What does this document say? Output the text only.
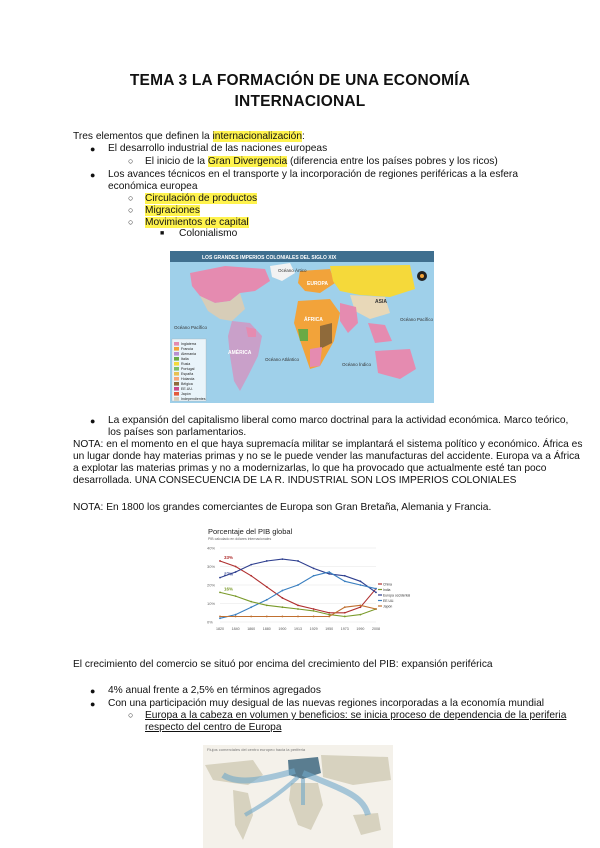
TEMA 3 LA FORMACIÓN DE UNA ECONOMÍA
INTERNACIONAL
Tres elementos que definen la internacionalización:
● El desarrollo industrial de las naciones europeas
○ El inicio de la Gran Divergencia (diferencia entre los países pobres y los ricos)
● Los avances técnicos en el transporte y la incorporación de regiones periféricas a la esfera
económica europea
○ Circulación de productos
○ Migraciones
○ Movimientos de capital
■ Colonialismo
LOS GRANDES IMPERIOS COLONIALES DEL SIGLO XIX
Inglaterra
Francia
Alemania
Italia
Rusia
Portugal
España
Holanda
Bélgica
EE.UU.
Japón
Independientes
Océano Ártico
EUROPA
ASIA
AMÉRICA
ÁFRICA
Océano Pacífico
Océano Pacífico
Océano Atlántico
Océano Índico
● La expansión del capitalismo liberal como marco doctrinal para la actividad económica. Marco teórico,
los países son parlamentarios.
NOTA: en el momento en el que haya supremacía militar se implantará el sistema político y económico. África es
un lugar donde hay materias primas y no se le puede vender las manufacturas del accidente. Europa va a África
a explotar las materias primas y no a modernizarlas, lo que ha provocado que actualmente esté tan poco
desarrollada. UNA CONSECUENCIA DE LA R. INDUSTRIAL SON LOS IMPERIOS COLONIALES
NOTA: En 1800 los grandes comerciantes de Europa son Gran Bretaña, Alemania y Francia.
Porcentaje del PIB global
PIB calculado en dólares internacionales
40%
30%
20%
10%
0%
33%
27%
16%
China
India
Europa occidental
EE.UU.
Japón
1820 1840 1860 1880 1900 1913 1929 1950 1973 1990 2008
El crecimiento del comercio se situó por encima del crecimiento del PIB: expansión periférica
● 4% anual frente a 2,5% en términos agregados
● Con una participación muy desigual de las nuevas regiones incorporadas a la economía mundial
○ Europa a la cabeza en volumen y beneficios: se inicia proceso de dependencia de la periferia
respecto del centro de Europa
Flujos comerciales del centro europeo hacia la periferia
